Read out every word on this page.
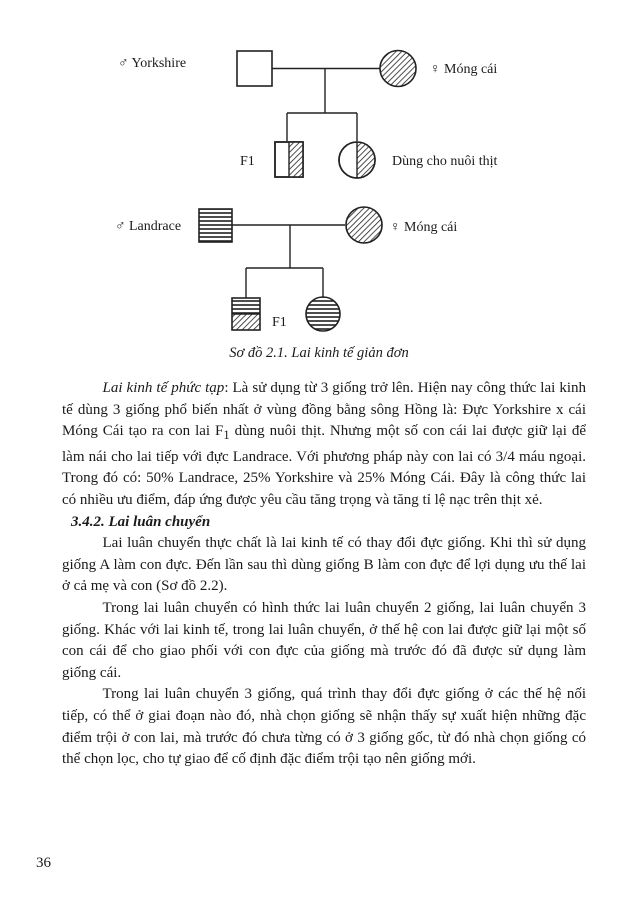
♂ Yorkshire	♀ Móng cái
F1	Dùng cho nuôi thịt
♂ Landrace	♀ Móng cái
F1
Sơ đồ 2.1. Lai kinh tế giản đơn

Lai kinh tế phức tạp: Là sử dụng từ 3 giống trở lên. Hiện nay công thức lai kinh tế dùng 3 giống phổ biến nhất ở vùng đồng bằng sông Hồng là: Đực Yorkshire x cái Móng Cái tạo ra con lai $F_1$ dùng nuôi thịt. Nhưng một số con cái lai được giữ lại để làm nái cho lai tiếp với đực Landrace. Với phương pháp này con lai có 3/4 máu ngoại. Trong đó có: 50% Landrace, 25% Yorkshire và 25% Móng Cái. Đây là công thức lai có nhiều ưu điểm, đáp ứng được yêu cầu tăng trọng và tăng tỉ lệ nạc trên thịt xẻ.

3.4.2. Lai luân chuyển

Lai luân chuyển thực chất là lai kinh tế có thay đổi đực giống. Khi thì sử dụng giống A làm con đực. Đến lần sau thì dùng giống B làm con đực để lợi dụng ưu thế lai ở cả mẹ và con (Sơ đồ 2.2).

Trong lai luân chuyển có hình thức lai luân chuyển 2 giống, lai luân chuyển 3 giống. Khác với lai kinh tế, trong lai luân chuyển, ở thế hệ con lai được giữ lại một số con cái để cho giao phối với con đực của giống mà trước đó đã được sử dụng làm giống cái.

Trong lai luân chuyển 3 giống, quá trình thay đổi đực giống ở các thế hệ nối tiếp, có thể ở giai đoạn nào đó, nhà chọn giống sẽ nhận thấy sự xuất hiện những đặc điểm trội ở con lai, mà trước đó chưa từng có ở 3 giống gốc, từ đó nhà chọn giống có thể chọn lọc, cho tự giao để cố định đặc điểm trội tạo nên giống mới.

36
